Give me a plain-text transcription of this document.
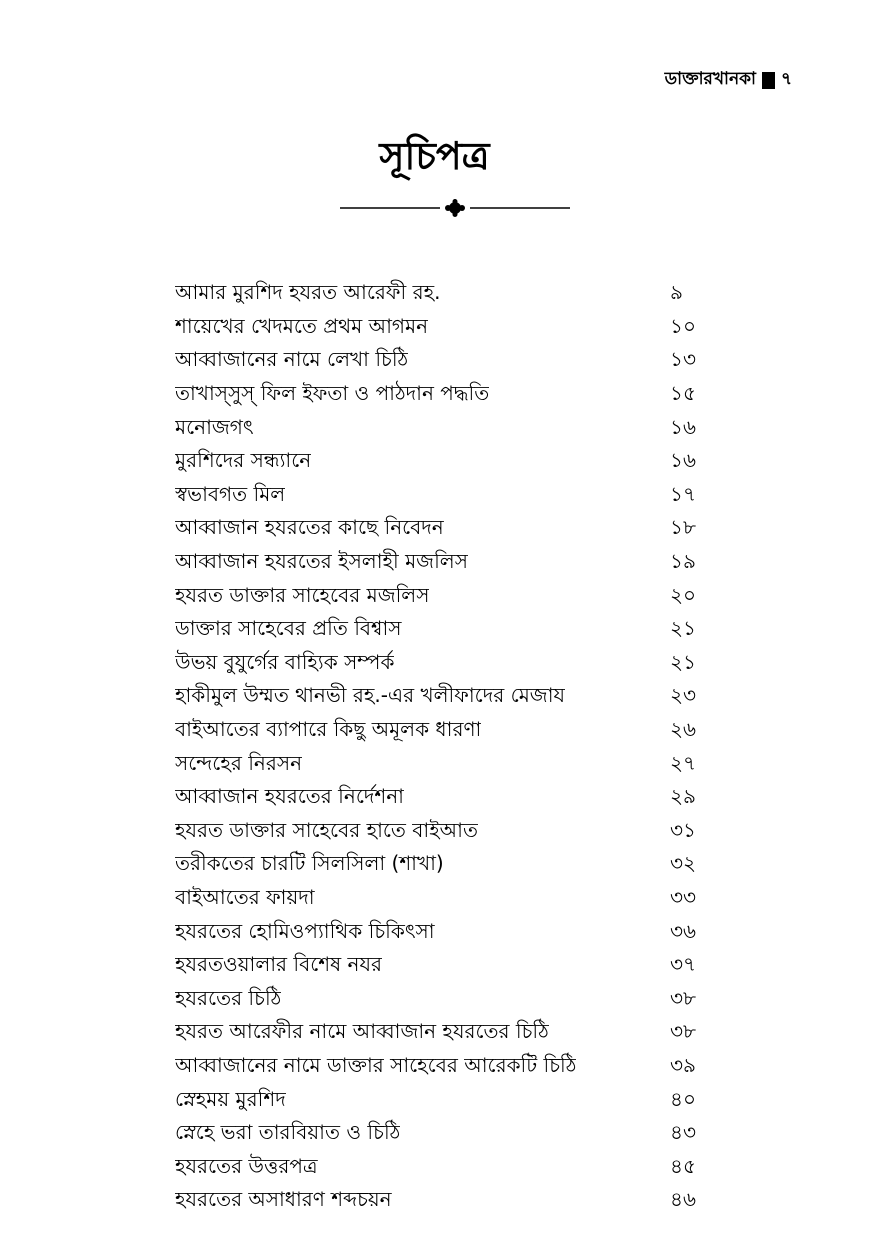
ডাক্তারখানকা ৭
সূচিপত্র
আমার মুরশিদ হযরত আরেফী রহ.	৯
শায়েখের খেদমতে প্রথম আগমন	১০
আব্বাজানের নামে লেখা চিঠি	১৩
তাখাস্সুস্ ফিল ইফতা ও পাঠদান পদ্ধতি	১৫
মনোজগৎ	১৬
মুরশিদের সন্ধ্যানে	১৬
স্বভাবগত মিল	১৭
আব্বাজান হযরতের কাছে নিবেদন	১৮
আব্বাজান হযরতের ইসলাহী মজলিস	১৯
হযরত ডাক্তার সাহেবের মজলিস	২০
ডাক্তার সাহেবের প্রতি বিশ্বাস	২১
উভয় বুযুর্গের বাহ্যিক সম্পর্ক	২১
হাকীমুল উম্মত থানভী রহ.-এর খলীফাদের মেজায	২৩
বাইআতের ব্যাপারে কিছু অমূলক ধারণা	২৬
সন্দেহের নিরসন	২৭
আব্বাজান হযরতের নির্দেশনা	২৯
হযরত ডাক্তার সাহেবের হাতে বাইআত	৩১
তরীকতের চারটি সিলসিলা (শাখা)	৩২
বাইআতের ফায়দা	৩৩
হযরতের হোমিওপ্যাথিক চিকিৎসা	৩৬
হযরতওয়ালার বিশেষ নযর	৩৭
হযরতের চিঠি	৩৮
হযরত আরেফীর নামে আব্বাজান হযরতের চিঠি	৩৮
আব্বাজানের নামে ডাক্তার সাহেবের আরেকটি চিঠি	৩৯
স্নেহময় মুরশিদ	৪০
স্নেহে ভরা তারবিয়াত ও চিঠি	৪৩
হযরতের উত্তরপত্র	৪৫
হযরতের অসাধারণ শব্দচয়ন	৪৬
